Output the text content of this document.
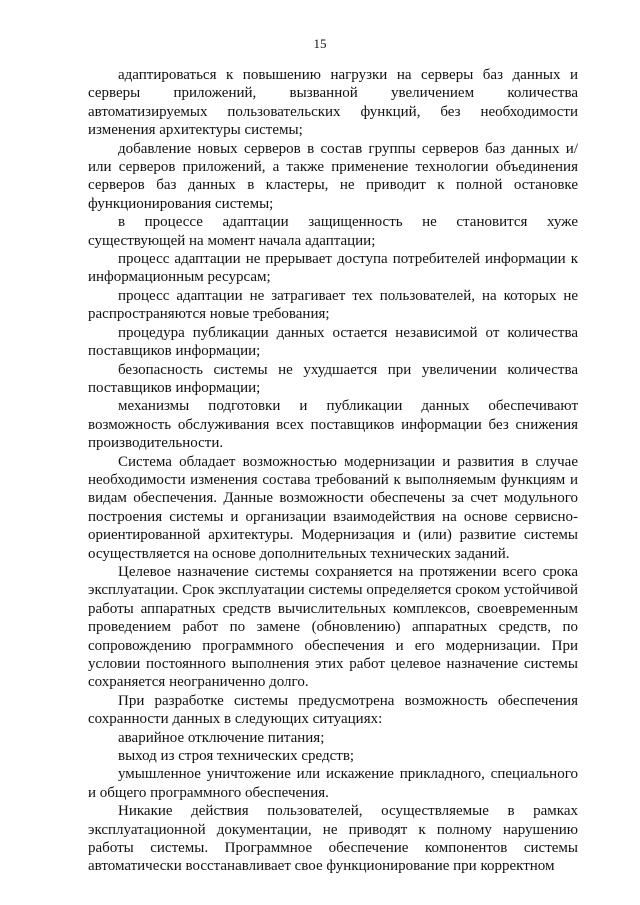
15

адаптироваться к повышению нагрузки на серверы баз данных и серверы приложений, вызванной увеличением количества автоматизируемых пользовательских функций, без необходимости изменения архитектуры системы;

добавление новых серверов в состав группы серверов баз данных и/или серверов приложений, а также применение технологии объединения серверов баз данных в кластеры, не приводит к полной остановке функционирования системы;

в процессе адаптации защищенность не становится хуже существующей на момент начала адаптации;

процесс адаптации не прерывает доступа потребителей информации к информационным ресурсам;

процесс адаптации не затрагивает тех пользователей, на которых не распространяются новые требования;

процедура публикации данных остается независимой от количества поставщиков информации;

безопасность системы не ухудшается при увеличении количества поставщиков информации;

механизмы подготовки и публикации данных обеспечивают возможность обслуживания всех поставщиков информации без снижения производительности.

Система обладает возможностью модернизации и развития в случае необходимости изменения состава требований к выполняемым функциям и видам обеспечения. Данные возможности обеспечены за счет модульного построения системы и организации взаимодействия на основе сервисно-ориентированной архитектуры. Модернизация и (или) развитие системы осуществляется на основе дополнительных технических заданий.

Целевое назначение системы сохраняется на протяжении всего срока эксплуатации. Срок эксплуатации системы определяется сроком устойчивой работы аппаратных средств вычислительных комплексов, своевременным проведением работ по замене (обновлению) аппаратных средств, по сопровождению программного обеспечения и его модернизации. При условии постоянного выполнения этих работ целевое назначение системы сохраняется неограниченно долго.

При разработке системы предусмотрена возможность обеспечения сохранности данных в следующих ситуациях:

аварийное отключение питания;

выход из строя технических средств;

умышленное уничтожение или искажение прикладного, специального и общего программного обеспечения.

Никакие действия пользователей, осуществляемые в рамках эксплуатационной документации, не приводят к полному нарушению работы системы. Программное обеспечение компонентов системы автоматически восстанавливает свое функционирование при корректном
